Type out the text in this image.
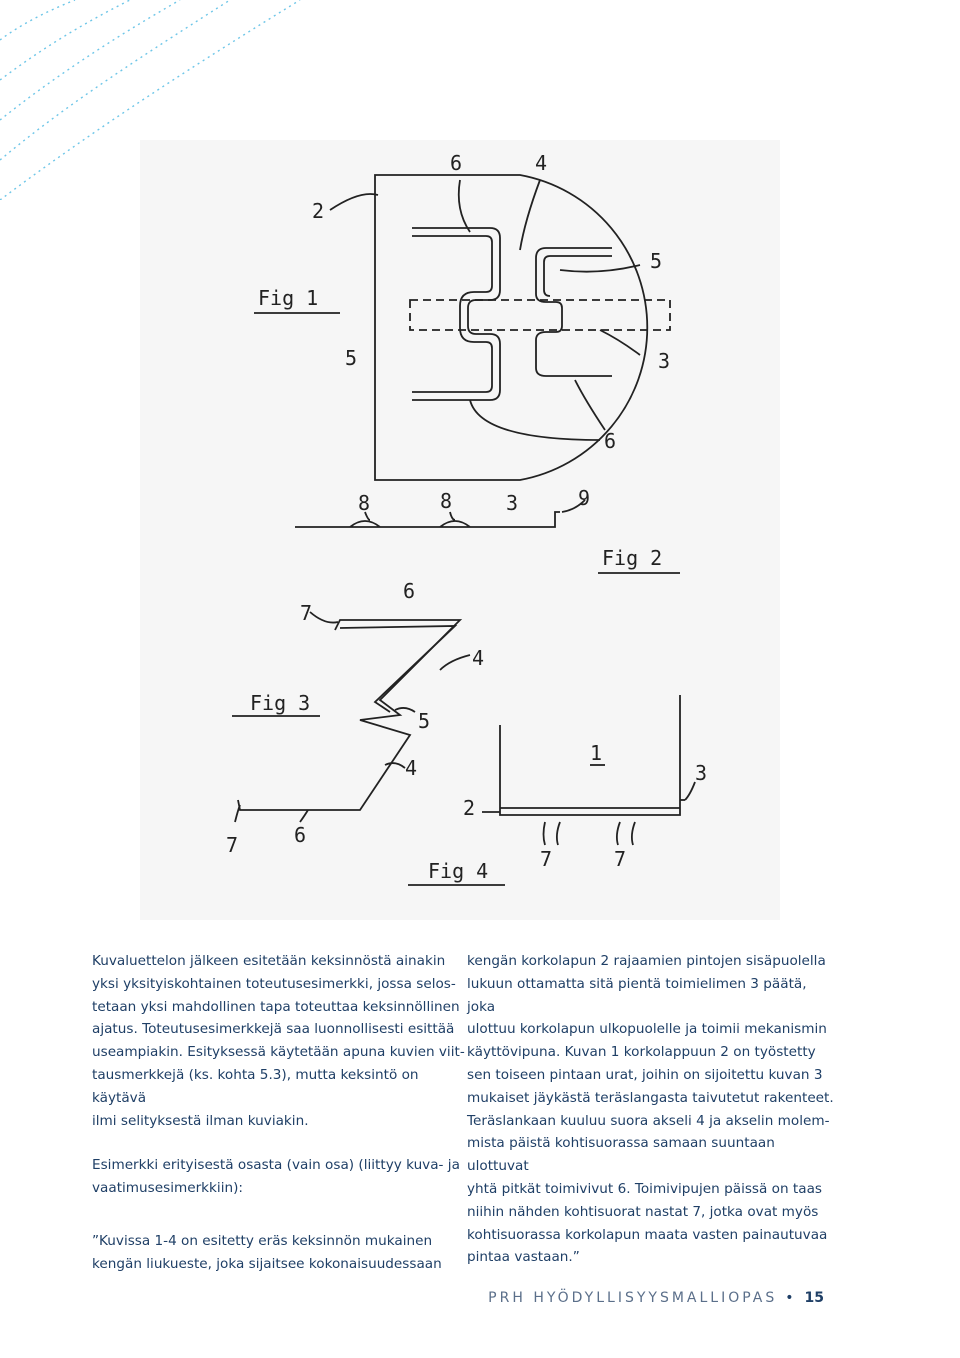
Fig 1
2
6	4
5
5	3
6
Fig 2
8	8	3	9
Fig 3
7
6
4
5
4
7	6
Fig 4
1
3
2
7	7

Kuvaluettelon jälkeen esitetään keksinnöstä ainakin
yksi yksityiskohtainen toteutusesimerkki, jossa selos-
tetaan yksi mahdollinen tapa toteuttaa keksinnöllinen
ajatus. Toteutusesimerkkejä saa luonnollisesti esittää
useampiakin. Esityksessä käytetään apuna kuvien viit-
tausmerkkejä (ks. kohta 5.3), mutta keksintö on käytävä
ilmi selityksestä ilman kuviakin.

Esimerkki erityisestä osasta (vain osa) (liittyy kuva- ja
vaatimusesimerkkiin):

”Kuvissa 1-4 on esitetty eräs keksinnön mukainen
kengän liukueste, joka sijaitsee kokonaisuudessaan

kengän korkolapun 2 rajaamien pintojen sisäpuolella
lukuun ottamatta sitä pientä toimielimen 3 päätä, joka
ulottuu korkolapun ulkopuolelle ja toimii mekanismin
käyttövipuna. Kuvan 1 korkolappuun 2 on työstetty
sen toiseen pintaan urat, joihin on sijoitettu kuvan 3
mukaiset jäykästä teräslangasta taivutetut rakenteet.
Teräslankaan kuuluu suora akseli 4 ja akselin molem-
mista päistä kohtisuorassa samaan suuntaan ulottuvat
yhtä pitkät toimivivut 6. Toimivipujen päissä on taas
niihin nähden kohtisuorat nastat 7, jotka ovat myös
kohtisuorassa korkolapun maata vasten painautuvaa
pintaa vastaan.”

PRH HYÖDYLLISYYSMALLIOPAS • 15
